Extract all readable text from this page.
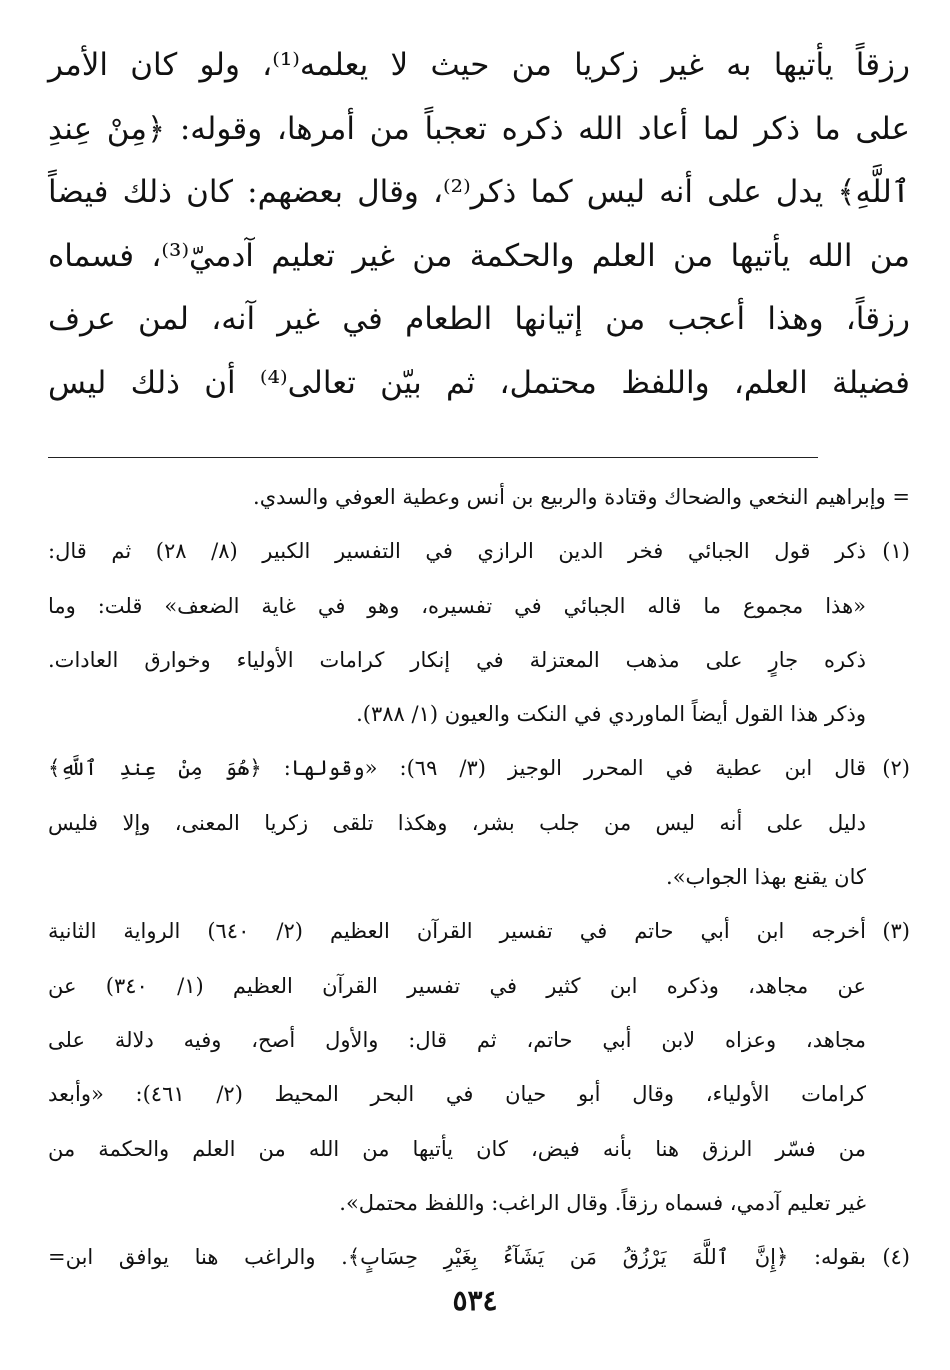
رزقاً يأتيها به غير زكريا من حيث لا يعلمه⁽¹⁾، ولو كان الأمر
على ما ذكر لما أعاد الله ذكره تعجباً من أمرها، وقوله: ﴿مِنْ عِندِ
ٱللَّهِ﴾ يدل على أنه ليس كما ذكر⁽²⁾، وقال بعضهم: كان ذلك فيضاً
من الله يأتيها من العلم والحكمة من غير تعليم آدميّ⁽³⁾، فسماه
رزقاً، وهذا أعجب من إتيانها الطعام في غير آنه، لمن عرف
فضيلة العلم، واللفظ محتمل، ثم بيّن تعالى⁽⁴⁾ أن ذلك ليس
= وإبراهيم النخعي والضحاك وقتادة والربيع بن أنس وعطية العوفي والسدي.
(١)ذكر قول الجبائي فخر الدين الرازي في التفسير الكبير (٨/ ٢٨) ثم قال:
«هذا مجموع ما قاله الجبائي في تفسيره، وهو في غاية الضعف» قلت: وما
ذكره جارٍ على مذهب المعتزلة في إنكار كرامات الأولياء وخوارق العادات.
وذكر هذا القول أيضاً الماوردي في النكت والعيون (١/ ٣٨٨).
(٢)قال ابن عطية في المحرر الوجيز (٣/ ٦٩): «وقولها: ﴿هُوَ مِنْ عِندِ ٱللَّهِ﴾
دليل على أنه ليس من جلب بشر، وهكذا تلقى زكريا المعنى، وإلا فليس
كان يقنع بهذا الجواب».
(٣)أخرجه ابن أبي حاتم في تفسير القرآن العظيم (٢/ ٦٤٠) الرواية الثانية
عن مجاهد، وذكره ابن كثير في تفسير القرآن العظيم (١/ ٣٤٠) عن
مجاهد، وعزاه لابن أبي حاتم، ثم قال: والأول أصح، وفيه دلالة على
كرامات الأولياء، وقال أبو حيان في البحر المحيط (٢/ ٤٦١): «وأبعد
من فسّر الرزق هنا بأنه فيض، كان يأتيها من الله من العلم والحكمة من
غير تعليم آدمي، فسماه رزقاً. وقال الراغب: واللفظ محتمل».
(٤)بقوله: ﴿إِنَّ ٱللَّهَ يَرْزُقُ مَن يَشَآءُ بِغَيْرِ حِسَابٍ﴾. والراغب هنا يوافق ابن=
٥٣٤
